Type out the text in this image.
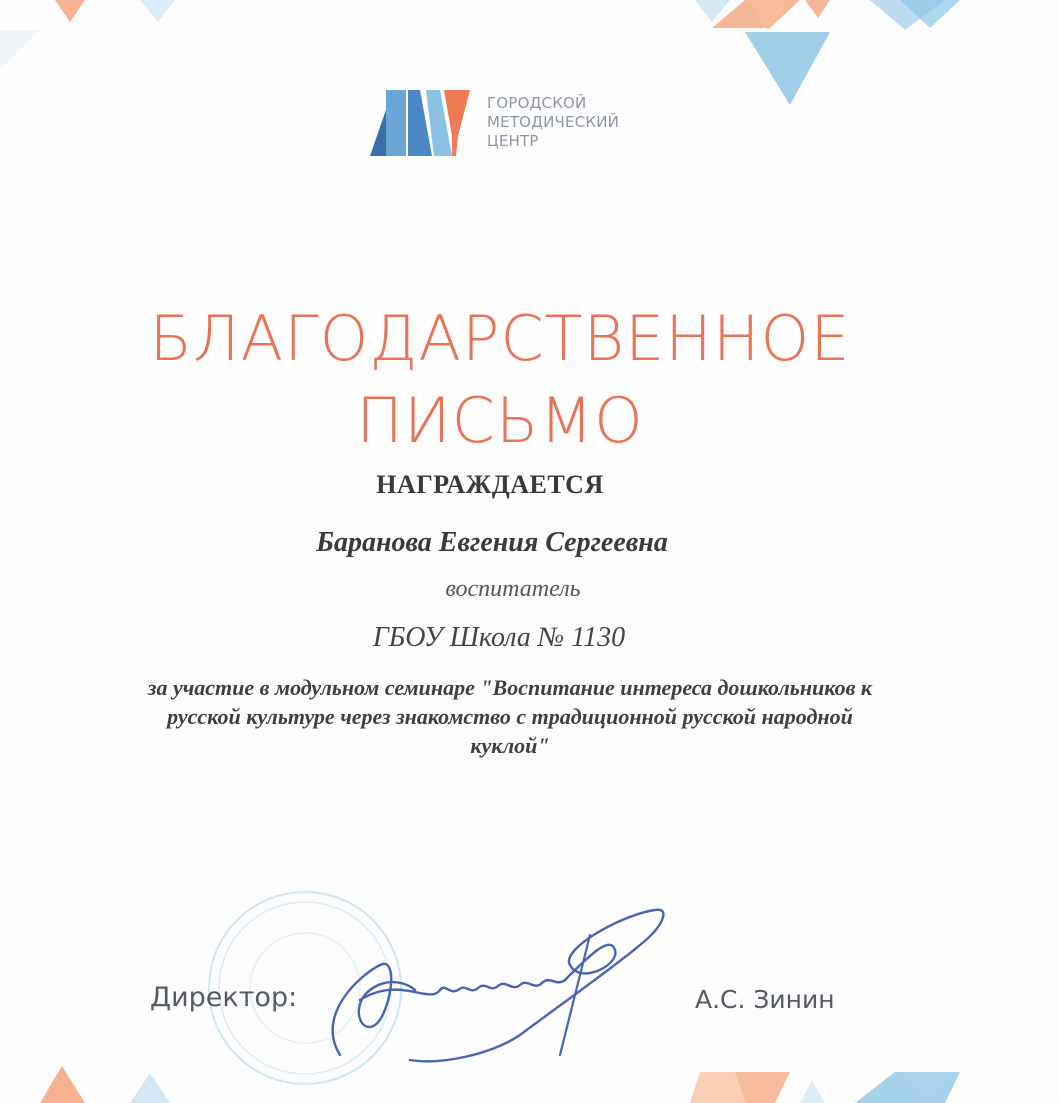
ГОРОДСКОЙ
МЕТОДИЧЕСКИЙ
ЦЕНТР
БЛАГОДАРСТВЕННОЕ
ПИСЬМО
НАГРАЖДАЕТСЯ
Баранова Евгения Сергеевна
воспитатель
ГБОУ Школа № 1130
за участие в модульном семинаре "Воспитание интереса дошкольников к
русской культуре через знакомство с традиционной русской народной
куклой"
Директор:	А.С. Зинин
